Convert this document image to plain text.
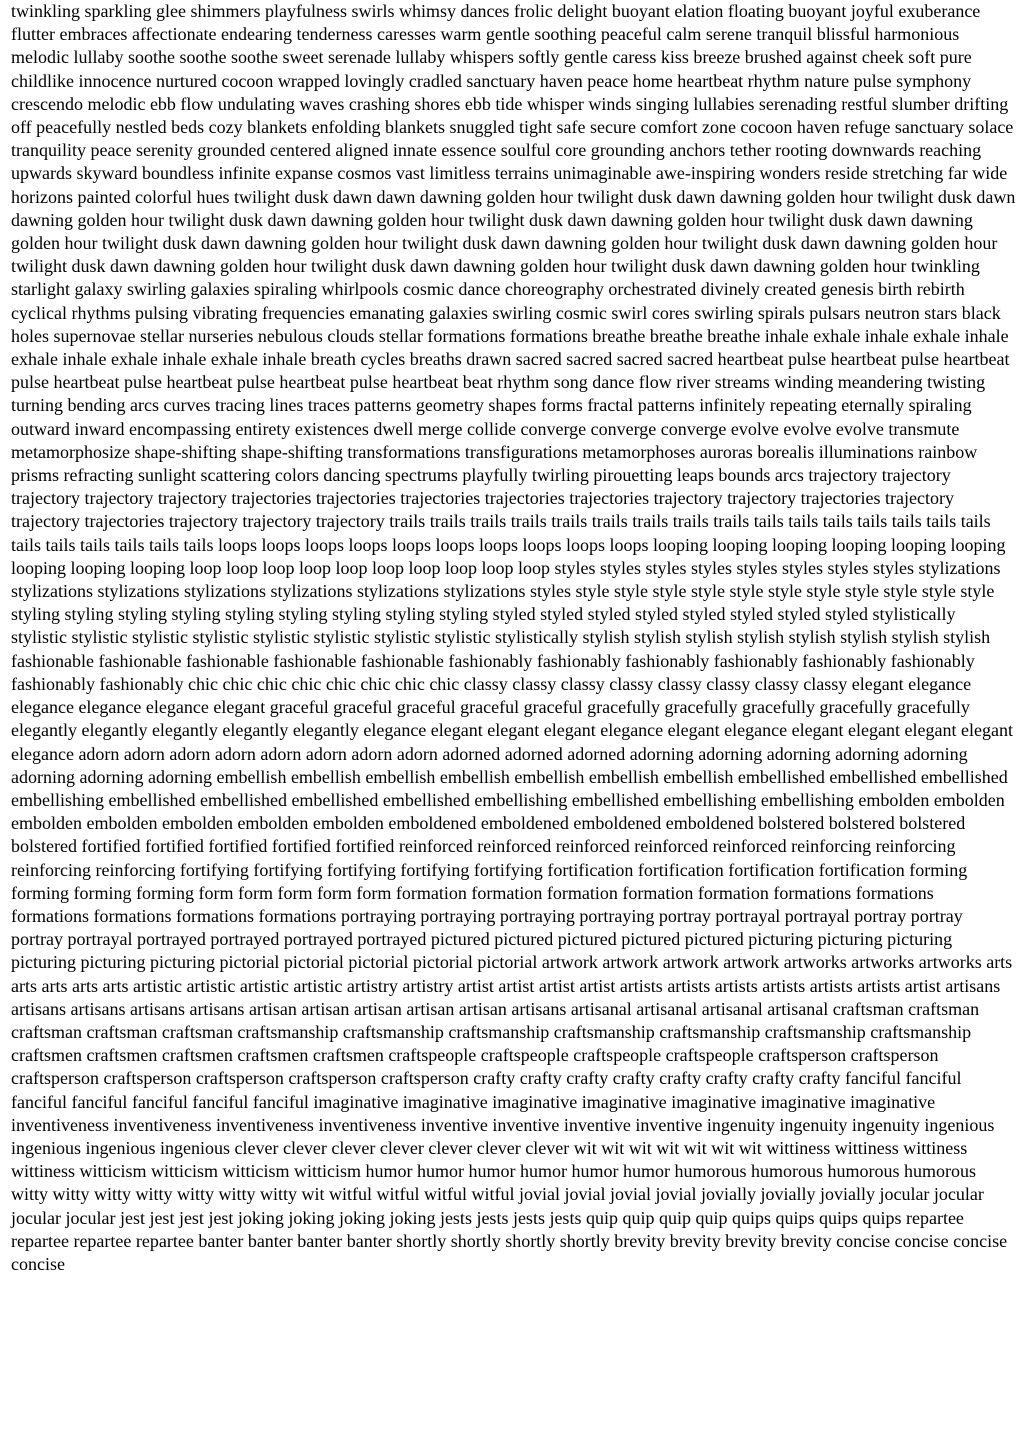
twinkling sparkling glee shimmers playfulness swirls whimsy dances frolic delight buoyant elation floating buoyant joyful exuberance flutter embraces affectionate endearing tenderness caresses warm gentle soothing peaceful calm serene tranquil blissful harmonious melodic lullaby soothe soothe soothe sweet serenade lullaby whispers softly gentle caress kiss breeze brushed against cheek soft pure childlike innocence nurtured cocoon wrapped lovingly cradled sanctuary haven peace home heartbeat rhythm nature pulse symphony crescendo melodic ebb flow undulating waves crashing shores ebb tide whisper winds singing lullabies serenading restful slumber drifting off peacefully nestled beds cozy blankets enfolding blankets snuggled tight safe secure comfort zone cocoon haven refuge sanctuary solace tranquility peace serenity grounded centered aligned innate essence soulful core grounding anchors tether rooting downwards reaching upwards skyward boundless infinite expanse cosmos vast limitless terrains unimaginable awe-inspiring wonders reside stretching far wide horizons painted colorful hues twilight dusk dawn dawn dawning golden hour twilight dusk dawn dawning golden hour twilight dusk dawn dawning golden hour twilight dusk dawn dawning golden hour twilight dusk dawn dawning golden hour twilight dusk dawn dawning golden hour twilight dusk dawn dawning golden hour twilight dusk dawn dawning golden hour twilight dusk dawn dawning golden hour twilight dusk dawn dawning golden hour twilight dusk dawn dawning golden hour twilight dusk dawn dawning golden hour twinkling starlight galaxy swirling galaxies spiraling whirlpools cosmic dance choreography orchestrated divinely created genesis birth rebirth cyclical rhythms pulsing vibrating frequencies emanating galaxies swirling cosmic swirl cores swirling spirals pulsars neutron stars black holes supernovae stellar nurseries nebulous clouds stellar formations formations breathe breathe breathe inhale exhale inhale exhale inhale exhale inhale exhale inhale exhale inhale breath cycles breaths drawn sacred sacred sacred sacred heartbeat pulse heartbeat pulse heartbeat pulse heartbeat pulse heartbeat pulse heartbeat pulse heartbeat beat rhythm song dance flow river streams winding meandering twisting turning bending arcs curves tracing lines traces patterns geometry shapes forms fractal patterns infinitely repeating eternally spiraling outward inward encompassing entirety existences dwell merge collide converge converge converge evolve evolve evolve transmute metamorphosize shape-shifting shape-shifting transformations transfigurations metamorphoses auroras borealis illuminations rainbow prisms refracting sunlight scattering colors dancing spectrums playfully twirling pirouetting leaps bounds arcs trajectory trajectory trajectory trajectory trajectory trajectories trajectories trajectories trajectories trajectories trajectory trajectory trajectories trajectory trajectory trajectories trajectory trajectory trajectory trails trails trails trails trails trails trails trails trails tails tails tails tails tails tails tails tails tails tails tails tails tails loops loops loops loops loops loops loops loops loops loops looping looping looping looping looping looping looping looping looping loop loop loop loop loop loop loop loop loop loop styles styles styles styles styles styles styles styles stylizations stylizations stylizations stylizations stylizations stylizations stylizations styles style style style style style style style style style style style styling styling styling styling styling styling styling styling styling styled styled styled styled styled styled styled styled stylistically stylistic stylistic stylistic stylistic stylistic stylistic stylistic stylistic stylistically stylish stylish stylish stylish stylish stylish stylish stylish fashionable fashionable fashionable fashionable fashionable fashionably fashionably fashionably fashionably fashionably fashionably fashionably fashionably chic chic chic chic chic chic chic chic classy classy classy classy classy classy classy classy elegant elegance elegance elegance elegance elegant graceful graceful graceful graceful graceful gracefully gracefully gracefully gracefully gracefully elegantly elegantly elegantly elegantly elegantly elegance elegant elegant elegant elegance elegant elegance elegant elegant elegant elegant elegance adorn adorn adorn adorn adorn adorn adorn adorn adorned adorned adorned adorning adorning adorning adorning adorning adorning adorning adorning embellish embellish embellish embellish embellish embellish embellish embellished embellished embellished embellishing embellished embellished embellished embellished embellishing embellished embellishing embellishing embolden embolden embolden embolden embolden embolden embolden emboldened emboldened emboldened emboldened bolstered bolstered bolstered bolstered fortified fortified fortified fortified fortified reinforced reinforced reinforced reinforced reinforced reinforcing reinforcing reinforcing reinforcing fortifying fortifying fortifying fortifying fortifying fortification fortification fortification fortification forming forming forming forming form form form form form formation formation formation formation formation formations formations formations formations formations formations portraying portraying portraying portraying portray portrayal portrayal portray portray portray portrayal portrayed portrayed portrayed portrayed pictured pictured pictured pictured pictured picturing picturing picturing picturing picturing picturing pictorial pictorial pictorial pictorial pictorial artwork artwork artwork artwork artworks artworks artworks arts arts arts arts arts artistic artistic artistic artistic artistry artistry artist artist artist artist artists artists artists artists artists artists artist artisans artisans artisans artisans artisans artisan artisan artisan artisan artisan artisans artisanal artisanal artisanal artisanal craftsman craftsman craftsman craftsman craftsman craftsmanship craftsmanship craftsmanship craftsmanship craftsmanship craftsmanship craftsmanship craftsmen craftsmen craftsmen craftsmen craftsmen craftspeople craftspeople craftspeople craftspeople craftsperson craftsperson craftsperson craftsperson craftsperson craftsperson craftsperson crafty crafty crafty crafty crafty crafty crafty crafty fanciful fanciful fanciful fanciful fanciful fanciful fanciful imaginative imaginative imaginative imaginative imaginative imaginative imaginative inventiveness inventiveness inventiveness inventiveness inventive inventive inventive inventive ingenuity ingenuity ingenuity ingenious ingenious ingenious ingenious clever clever clever clever clever clever clever wit wit wit wit wit wit wit wittiness wittiness wittiness wittiness witticism witticism witticism witticism humor humor humor humor humor humor humorous humorous humorous humorous witty witty witty witty witty witty witty wit witful witful witful witful jovial jovial jovial jovial jovially jovially jovially jocular jocular jocular jocular jest jest jest jest joking joking joking joking jests jests jests jests quip quip quip quip quips quips quips quips repartee repartee repartee repartee banter banter banter banter shortly shortly shortly shortly brevity brevity brevity brevity concise concise concise concise
